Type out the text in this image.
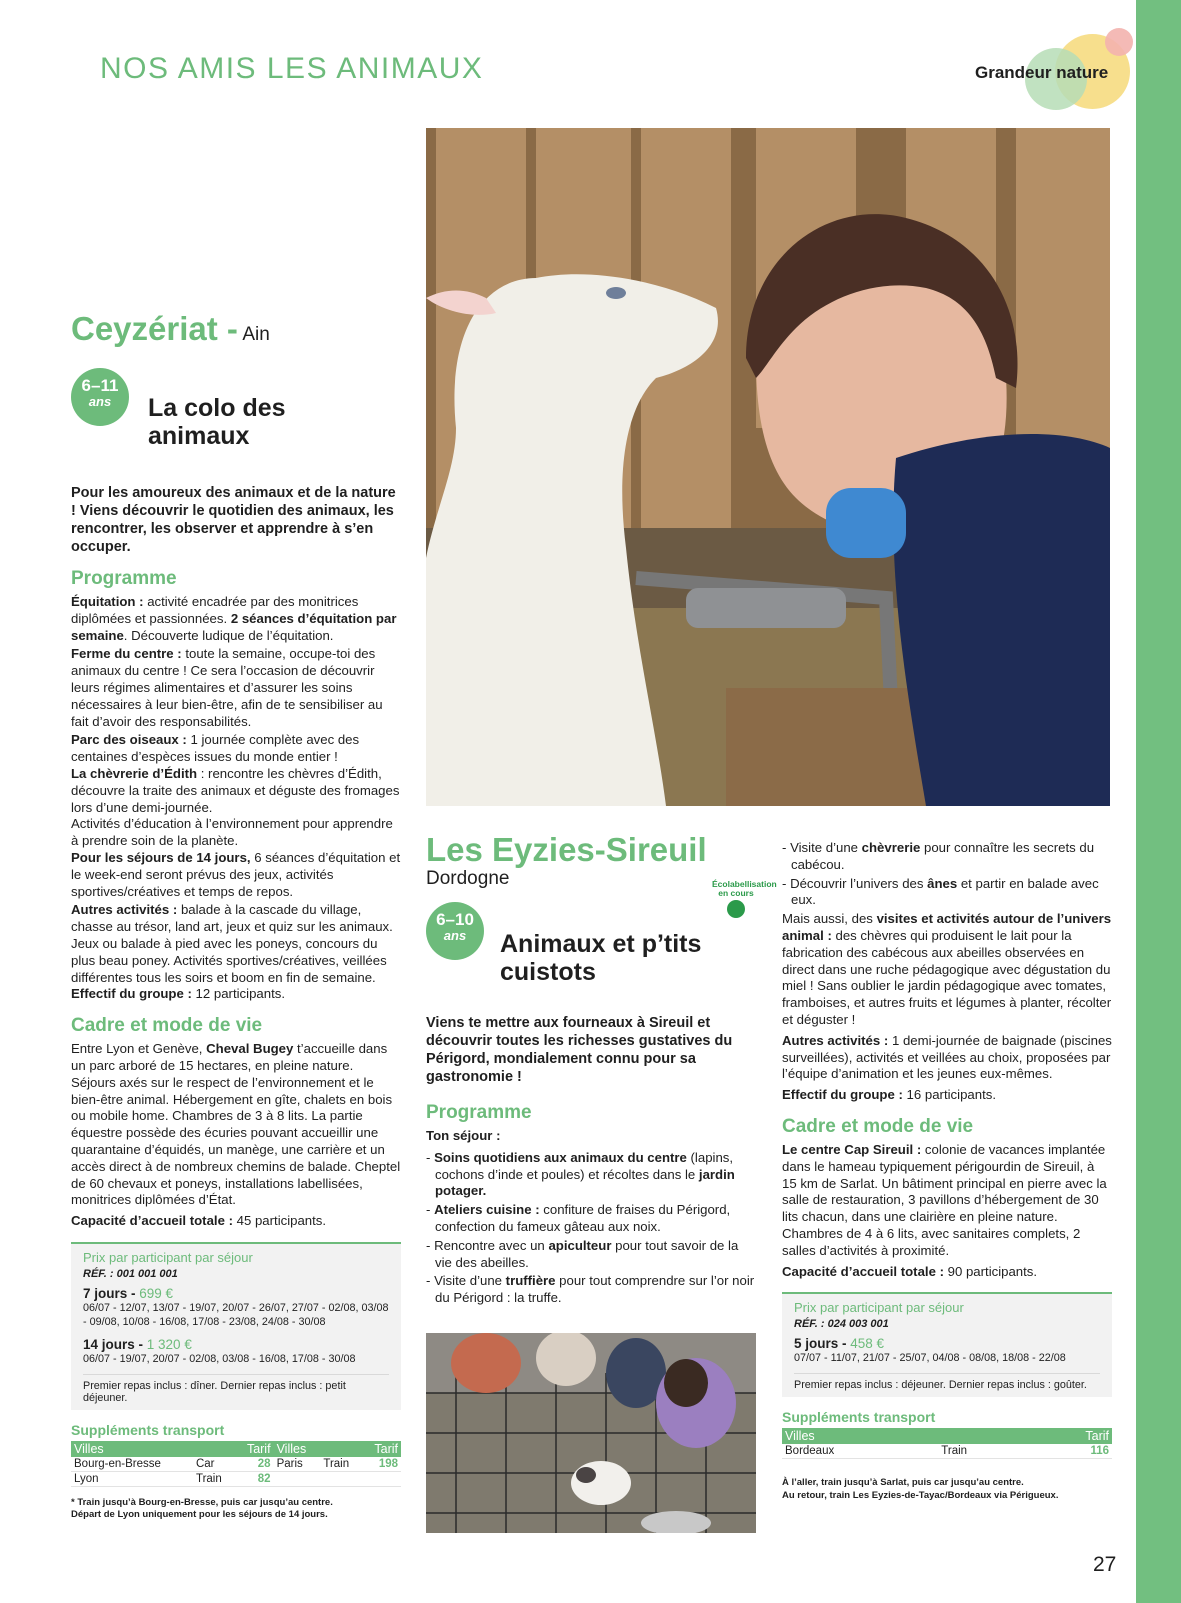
NOS AMIS LES ANIMAUX	Grandeur nature
Ceyzériat - Ain
6–11
ans	La colo des
animaux
Pour les amoureux des animaux et de la nature ! Viens découvrir le quotidien des animaux, les rencontrer, les observer et apprendre à s’en occuper.
Programme

Équitation : activité encadrée par des monitrices diplômées et passionnées. 2 séances d’équitation par semaine. Découverte ludique de l’équitation.

Ferme du centre : toute la semaine, occupe-toi des animaux du centre ! Ce sera l’occasion de découvrir leurs régimes alimentaires et d’assurer les soins nécessaires à leur bien-être, afin de te sensibiliser au fait d’avoir des responsabilités.

Parc des oiseaux : 1 journée complète avec des centaines d’espèces issues du monde entier !

La chèvrerie d’Édith : rencontre les chèvres d’Édith, découvre la traite des animaux et déguste des fromages lors d’une demi-journée.

Activités d’éducation à l’environnement pour apprendre à prendre soin de la planète.

Pour les séjours de 14 jours, 6 séances d’équitation et le week-end seront prévus des jeux, activités sportives/créatives et temps de repos.

Autres activités : balade à la cascade du village, chasse au trésor, land art, jeux et quiz sur les animaux. Jeux ou balade à pied avec les poneys, concours du plus beau poney. Activités sportives/créatives, veillées différentes tous les soirs et boom en fin de semaine.

Effectif du groupe : 12 participants.

Cadre et mode de vie

Entre Lyon et Genève, Cheval Bugey t’accueille dans un parc arboré de 15 hectares, en pleine nature. Séjours axés sur le respect de l’environnement et le bien-être animal. Hébergement en gîte, chalets en bois ou mobile home. Chambres de 3 à 8 lits. La partie équestre possède des écuries pouvant accueillir une quarantaine d’équidés, un manège, une carrière et un accès direct à de nombreux chemins de balade. Cheptel de 60 chevaux et poneys, installations labellisées, monitrices diplômées d’État.

Capacité d’accueil totale : 45 participants.

Prix par participant par séjour
RÉF. : 001 001 001
7 jours - 699 €
06/07 - 12/07, 13/07 - 19/07, 20/07 - 26/07, 27/07 - 02/08, 03/08 - 09/08, 10/08 - 16/08, 17/08 - 23/08, 24/08 - 30/08
14 jours - 1 320 €
06/07 - 19/07, 20/07 - 02/08, 03/08 - 16/08, 17/08 - 30/08
Premier repas inclus : dîner. Dernier repas inclus : petit déjeuner.
Suppléments transport
Villes		Tarif	Villes		Tarif
Bourg-en-Bresse	Car	28	Paris	Train	198
Lyon	Train	82			
* Train jusqu’à Bourg-en-Bresse, puis car jusqu’au centre.
Départ de Lyon uniquement pour les séjours de 14 jours.
Les Eyzies-Sireuil
Dordogne
6–10
ans	Animaux et p’tits
cuistots
Viens te mettre aux fourneaux à Sireuil et découvrir toutes les richesses gustatives du Périgord, mondialement connu pour sa gastronomie !
Programme

Ton séjour :

- Soins quotidiens aux animaux du centre (lapins, cochons d’inde et poules) et récoltes dans le jardin potager.

- Ateliers cuisine : confiture de fraises du Périgord, confection du fameux gâteau aux noix.

- Rencontre avec un apiculteur pour tout savoir de la vie des abeilles.

- Visite d’une truffière pour tout comprendre sur l’or noir du Périgord : la truffe.

Écolabellisation
en cours

- Visite d’une chèvrerie pour connaître les secrets du cabécou.

- Découvrir l’univers des ânes et partir en balade avec eux.

Mais aussi, des visites et activités autour de l’univers animal : des chèvres qui produisent le lait pour la fabrication des cabécous aux abeilles observées en direct dans une ruche pédagogique avec dégustation du miel ! Sans oublier le jardin pédagogique avec tomates, framboises, et autres fruits et légumes à planter, récolter et déguster !

Autres activités : 1 demi-journée de baignade (piscines surveillées), activités et veillées au choix, proposées par l’équipe d’animation et les jeunes eux-mêmes.

Effectif du groupe : 16 participants.

Cadre et mode de vie

Le centre Cap Sireuil : colonie de vacances implantée dans le hameau typiquement périgourdin de Sireuil, à 15 km de Sarlat. Un bâtiment principal en pierre avec la salle de restauration, 3 pavillons d’hébergement de 30 lits chacun, dans une clairière en pleine nature. Chambres de 4 à 6 lits, avec sanitaires complets, 2 salles d’activités à proximité.

Capacité d’accueil totale : 90 participants.

Prix par participant par séjour
RÉF. : 024 003 001
5 jours - 458 €
07/07 - 11/07, 21/07 - 25/07, 04/08 - 08/08, 18/08 - 22/08
Premier repas inclus : déjeuner. Dernier repas inclus : goûter.
Suppléments transport
Villes		Tarif
Bordeaux	Train	116
À l’aller, train jusqu’à Sarlat, puis car jusqu’au centre.
Au retour, train Les Eyzies-de-Tayac/Bordeaux via Périgueux.
27
